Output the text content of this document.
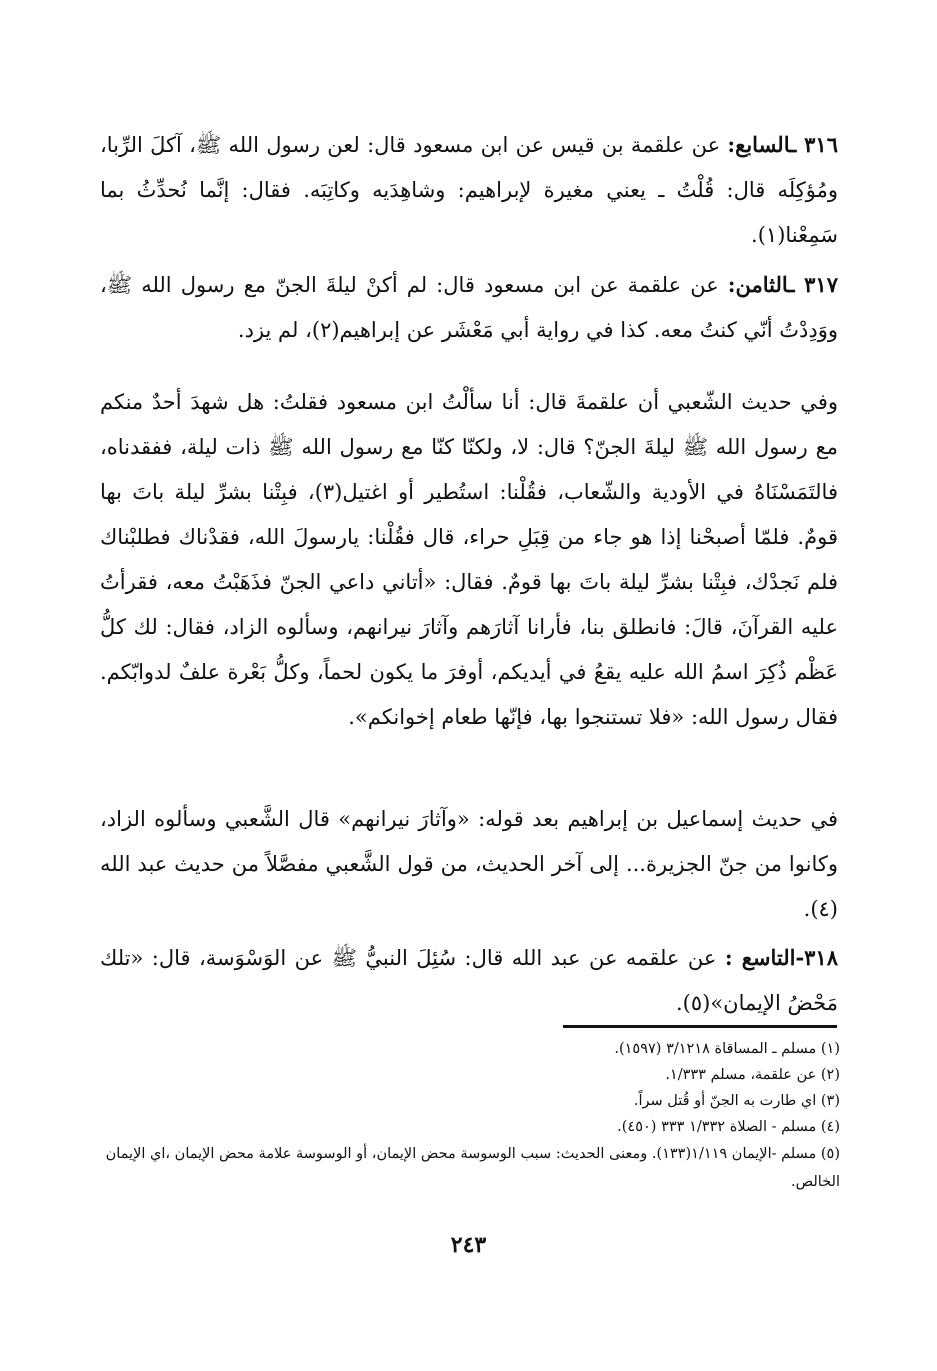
٣١٦ ـالسابع: عن علقمة بن قيس عن ابن مسعود قال: لعن رسول الله ﷺ، آكلَ الرِّبا، ومُؤكِلَه قال: قُلْتُ ـ يعني مغيرة لإبراهيم: وشاهِدَيه وكاتِبَه. فقال: إنَّما نُحدِّثُ بما سَمِعْنا(١).
٣١٧ ـالثامن: عن علقمة عن ابن مسعود قال: لم أكنْ ليلةَ الجنّ مع رسول الله ﷺ، ووَدِدْتُ أنّي كنتُ معه. كذا في رواية أبي مَعْشَر عن إبراهيم(٢)، لم يزد.
وفي حديث الشّعبي أن علقمةَ قال: أنا سألْتُ ابن مسعود فقلتُ: هل شهدَ أحدٌ منكم مع رسول الله ﷺ ليلةَ الجنّ؟ قال: لا، ولكنّا كنّا مع رسول الله ﷺ ذات ليلة، ففقدناه، فالتَمَسْنَاهُ في الأودية والشّعاب، فقُلْنا: استُطير أو اغتيل(٣)، فبِتْنا بشرِّ ليلة باتَ بها قومٌ. فلمّا أصبحْنا إذا هو جاء من قِبَلِ حراء، قال فقُلْنا: يارسولَ الله، فقدْناك فطلبْناك فلم نَجدْك، فبِتْنا بشرِّ ليلة باتَ بها قومٌ. فقال: «أتاني داعي الجنّ فذَهَبْتُ معه، فقرأتُ عليه القرآنَ، قالَ: فانطلق بنا، فأرانا آثارَهم وآثارَ نيرانهم، وسألوه الزاد، فقال: لك كلُّ عَظْم ذُكِرَ اسمُ الله عليه يقعُ في أيديكم، أوفرَ ما يكون لحماً، وكلُّ بَعْرة علفٌ لدوابّكم. فقال رسول الله: «فلا تستنجوا بها، فإنّها طعام إخوانكم».
في حديث إسماعيل بن إبراهيم بعد قوله: «وآثارَ نيرانهم» قال الشَّعبي وسألوه الزاد، وكانوا من جنّ الجزيرة... إلى آخر الحديث، من قول الشَّعبي مفصَّلاً من حديث عبد الله (٤).
٣١٨-التاسع : عن علقمه عن عبد الله قال: سُئِلَ النبيُّ ﷺ عن الوَسْوَسة، قال: «تلك مَحْضُ الإيمان»(٥).
(١) مسلم ـ المساقاة ٣/١٢١٨ (١٥٩٧).
(٢) عن علقمة، مسلم ١/٣٣٣.
(٣) اي طارت به الجنّ أو قُتل سراً.
(٤) مسلم - الصلاة ١/٣٣٢ ٣٣٣ (٤٥٠).
(٥) مسلم -الإيمان ١/١١٩(١٣٣). ومعنى الحديث: سبب الوسوسة محض الإيمان، أو الوسوسة علامة محض الإيمان ،اي الإيمان الخالص.
٢٤٣
